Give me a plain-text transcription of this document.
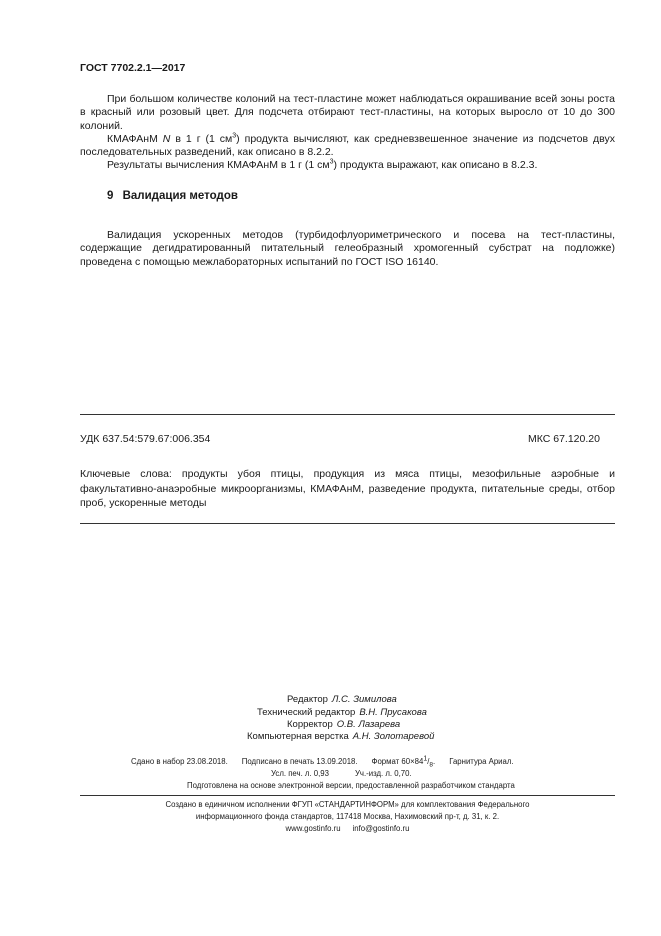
ГОСТ 7702.2.1—2017

При большом количестве колоний на тест-пластине может наблюдаться окрашивание всей зоны роста в красный или розовый цвет. Для подсчета отбирают тест-пластины, на которых выросло от 10 до 300 колоний.

КМАФАнМ N в 1 г (1 $см^3$) продукта вычисляют, как средневзвешенное значение из подсчетов двух последовательных разведений, как описано в 8.2.2.

Результаты вычисления КМАФАнМ в 1 г (1 $см^3$) продукта выражают, как описано в 8.2.3.

9 Валидация методов

Валидация ускоренных методов (турбидофлуориметрического и посева на тест-пластины, содержащие дегидратированный питательный гелеобразный хромогенный субстрат на подложке) проведена с помощью межлабораторных испытаний по ГОСТ ISO 16140.

УДК 637.54:579.67:006.354	МКС 67.120.20
Ключевые слова: продукты убоя птицы, продукция из мяса птицы, мезофильные аэробные и факультативно-анаэробные микроорганизмы, КМАФАнМ, разведение продукта, питательные среды, отбор проб, ускоренные методы
Редактор Л.С. Зимилова
Технический редактор В.Н. Прусакова
Корректор О.В. Лазарева
Компьютерная верстка А.Н. Золотаревой
Сдано в набор 23.08.2018. Подписано в печать 13.09.2018. Формат $60\times 84^1/_8$. Гарнитура Ариал.
Усл. печ. л. 0,93	Уч.-изд. л. 0,70.
Подготовлена на основе электронной версии, предоставленной разработчиком стандарта
Создано в единичном исполнении ФГУП «СТАНДАРТИНФОРМ» для комплектования Федерального
информационного фонда стандартов, 117418 Москва, Нахимовский пр-т, д. 31, к. 2.
www.gostinfo.ru info@gostinfo.ru
